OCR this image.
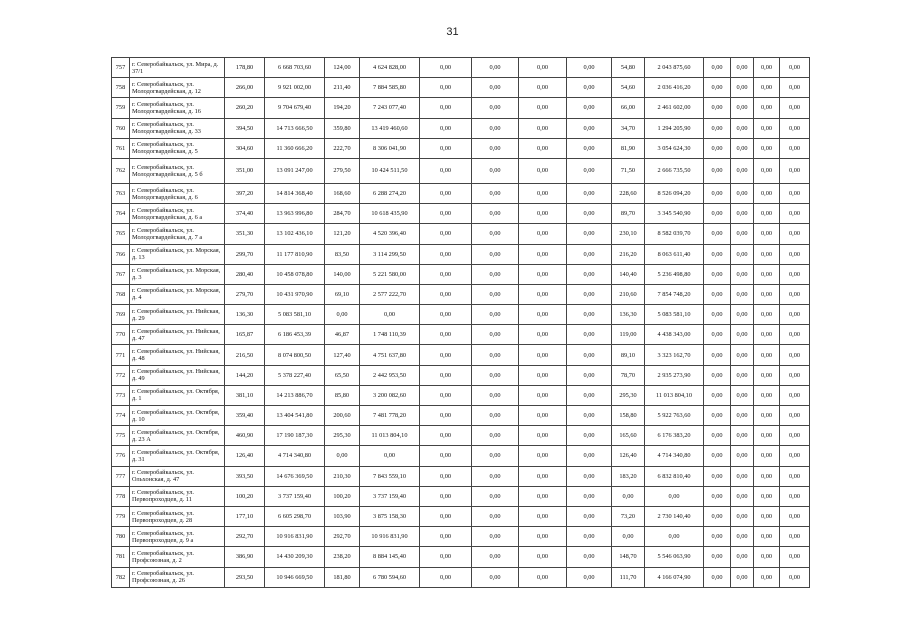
31
757	г. Северобайкальск, ул. Мира, д. 37/1	178,80	6 668 703,60	124,00	4 624 828,00	0,00	0,00	0,00	0,00	54,80	2 043 875,60	0,00	0,00	0,00	0,00
758	г. Северобайкальск, ул. Молодогвардейская, д. 12	266,00	9 921 002,00	211,40	7 884 585,80	0,00	0,00	0,00	0,00	54,60	2 036 416,20	0,00	0,00	0,00	0,00
759	г. Северобайкальск, ул. Молодогвардейская, д. 16	260,20	9 704 679,40	194,20	7 243 077,40	0,00	0,00	0,00	0,00	66,00	2 461 602,00	0,00	0,00	0,00	0,00
760	г. Северобайкальск, ул. Молодогвардейская, д. 33	394,50	14 713 666,50	359,80	13 419 460,60	0,00	0,00	0,00	0,00	34,70	1 294 205,90	0,00	0,00	0,00	0,00
761	г. Северобайкальск, ул. Молодогвардейская, д. 5	304,60	11 360 666,20	222,70	8 306 041,90	0,00	0,00	0,00	0,00	81,90	3 054 624,30	0,00	0,00	0,00	0,00
762	г. Северобайкальск, ул. Молодогвардейская, д. 5 б	351,00	13 091 247,00	279,50	10 424 511,50	0,00	0,00	0,00	0,00	71,50	2 666 735,50	0,00	0,00	0,00	0,00
763	г. Северобайкальск, ул. Молодогвардейская, д. 6	397,20	14 814 368,40	168,60	6 288 274,20	0,00	0,00	0,00	0,00	228,60	8 526 094,20	0,00	0,00	0,00	0,00
764	г. Северобайкальск, ул. Молодогвардейская, д. 6 а	374,40	13 963 996,80	284,70	10 618 435,90	0,00	0,00	0,00	0,00	89,70	3 345 540,90	0,00	0,00	0,00	0,00
765	г. Северобайкальск, ул. Молодогвардейская, д. 7 а	351,30	13 102 436,10	121,20	4 520 396,40	0,00	0,00	0,00	0,00	230,10	8 582 039,70	0,00	0,00	0,00	0,00
766	г. Северобайкальск, ул. Морская, д. 13	299,70	11 177 810,90	83,50	3 114 299,50	0,00	0,00	0,00	0,00	216,20	8 063 611,40	0,00	0,00	0,00	0,00
767	г. Северобайкальск, ул. Морская, д. 3	280,40	10 458 078,80	140,00	5 221 580,00	0,00	0,00	0,00	0,00	140,40	5 236 498,80	0,00	0,00	0,00	0,00
768	г. Северобайкальск, ул. Морская, д. 4	279,70	10 431 970,90	69,10	2 577 222,70	0,00	0,00	0,00	0,00	210,60	7 854 748,20	0,00	0,00	0,00	0,00
769	г. Северобайкальск, ул. Нийская, д. 29	136,30	5 083 581,10	0,00	0,00	0,00	0,00	0,00	0,00	136,30	5 083 581,10	0,00	0,00	0,00	0,00
770	г. Северобайкальск, ул. Нийская, д. 47	165,87	6 186 453,39	46,87	1 748 110,39	0,00	0,00	0,00	0,00	119,00	4 438 343,00	0,00	0,00	0,00	0,00
771	г. Северобайкальск, ул. Нийская, д. 48	216,50	8 074 800,50	127,40	4 751 637,80	0,00	0,00	0,00	0,00	89,10	3 323 162,70	0,00	0,00	0,00	0,00
772	г. Северобайкальск, ул. Нийская, д. 49	144,20	5 378 227,40	65,50	2 442 953,50	0,00	0,00	0,00	0,00	78,70	2 935 273,90	0,00	0,00	0,00	0,00
773	г. Северобайкальск, ул. Октября, д. 1	381,10	14 213 886,70	85,80	3 200 082,60	0,00	0,00	0,00	0,00	295,30	11 013 804,10	0,00	0,00	0,00	0,00
774	г. Северобайкальск, ул. Октября, д. 10	359,40	13 404 541,80	200,60	7 481 778,20	0,00	0,00	0,00	0,00	158,80	5 922 763,60	0,00	0,00	0,00	0,00
775	г. Северобайкальск, ул. Октября, д. 23 А	460,90	17 190 187,30	295,30	11 013 804,10	0,00	0,00	0,00	0,00	165,60	6 176 383,20	0,00	0,00	0,00	0,00
776	г. Северобайкальск, ул. Октября, д. 31	126,40	4 714 340,80	0,00	0,00	0,00	0,00	0,00	0,00	126,40	4 714 340,80	0,00	0,00	0,00	0,00
777	г. Северобайкальск, ул. Ольхонская, д. 47	393,50	14 676 369,50	210,30	7 843 559,10	0,00	0,00	0,00	0,00	183,20	6 832 810,40	0,00	0,00	0,00	0,00
778	г. Северобайкальск, ул. Первопроходцев, д. 11	100,20	3 737 159,40	100,20	3 737 159,40	0,00	0,00	0,00	0,00	0,00	0,00	0,00	0,00	0,00	0,00
779	г. Северобайкальск, ул. Первопроходцев, д. 28	177,10	6 605 298,70	103,90	3 875 158,30	0,00	0,00	0,00	0,00	73,20	2 730 140,40	0,00	0,00	0,00	0,00
780	г. Северобайкальск, ул. Первопроходцев, д. 9 а	292,70	10 916 831,90	292,70	10 916 831,90	0,00	0,00	0,00	0,00	0,00	0,00	0,00	0,00	0,00	0,00
781	г. Северобайкальск, ул. Профсоюзная, д. 2	386,90	14 430 209,30	238,20	8 884 145,40	0,00	0,00	0,00	0,00	148,70	5 546 063,90	0,00	0,00	0,00	0,00
782	г. Северобайкальск, ул. Профсоюзная, д. 26	293,50	10 946 669,50	181,80	6 780 594,60	0,00	0,00	0,00	0,00	111,70	4 166 074,90	0,00	0,00	0,00	0,00
